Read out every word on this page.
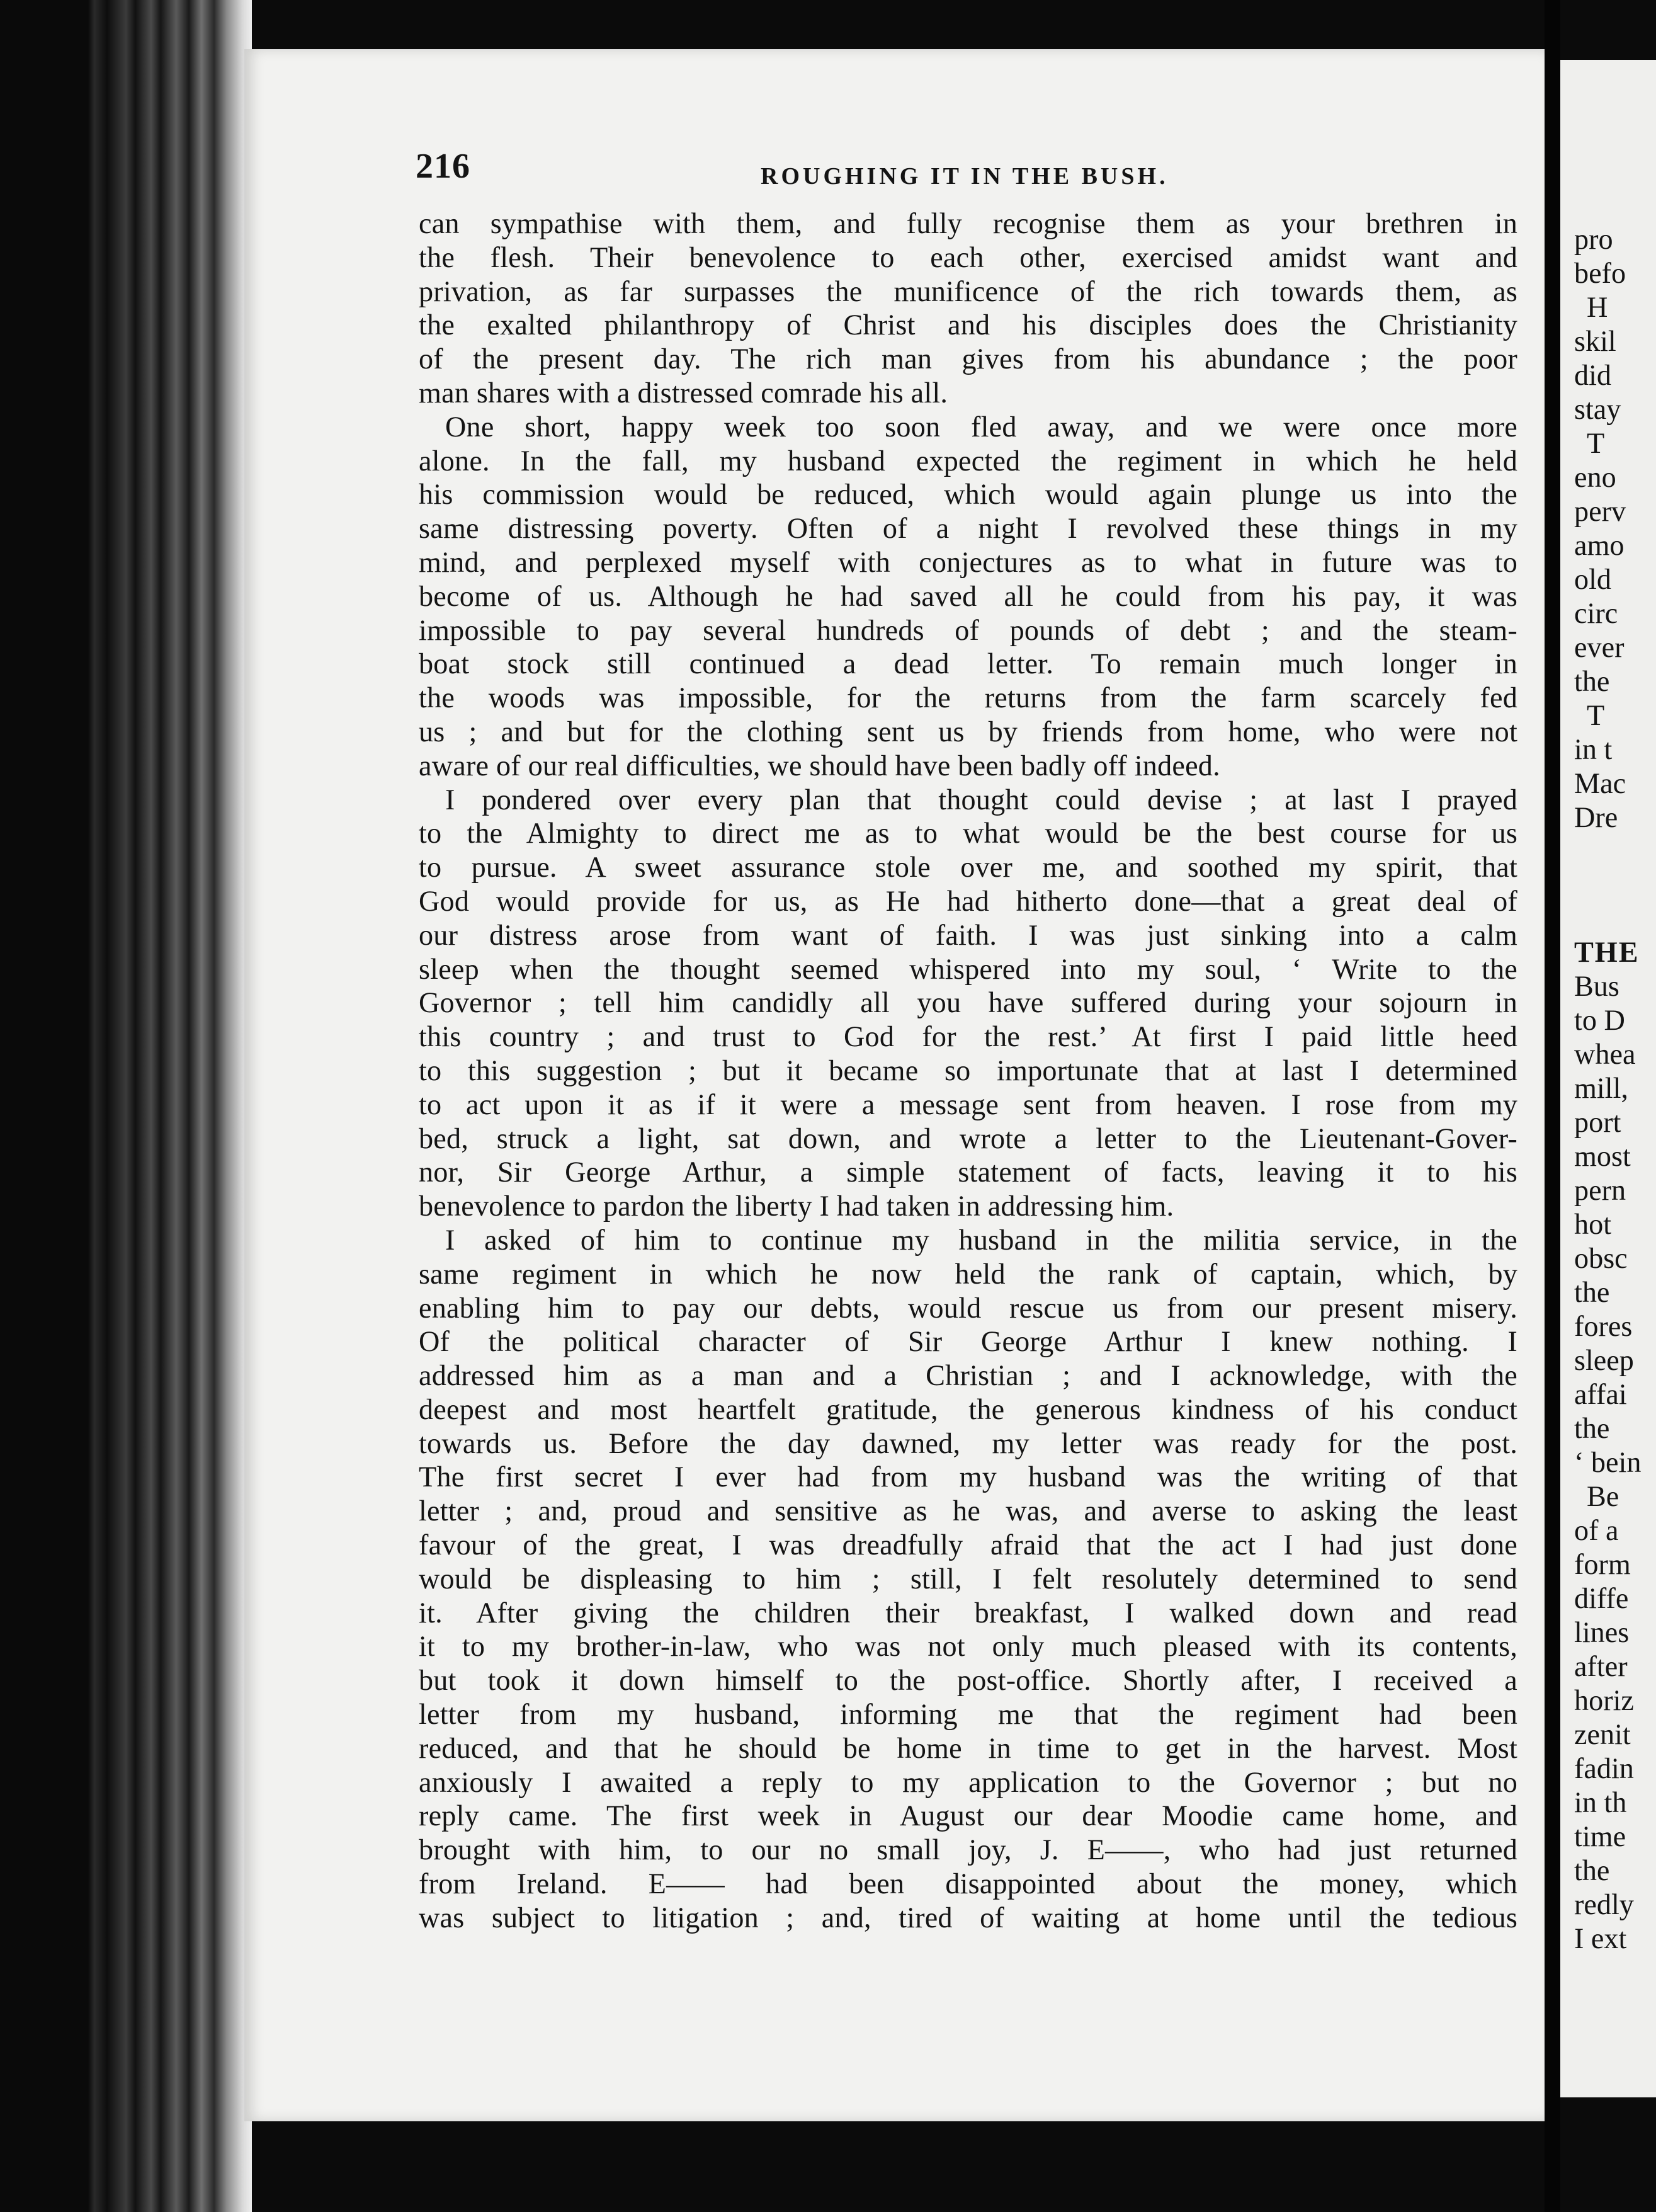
216	ROUGHING IT IN THE BUSH.

can sympathise with them, and fully recognise them as your brethren in

the flesh. Their benevolence to each other, exercised amidst want and

privation, as far surpasses the munificence of the rich towards them, as

the exalted philanthropy of Christ and his disciples does the Christianity

of the present day. The rich man gives from his abundance ; the poor

man shares with a distressed comrade his all.

One short, happy week too soon fled away, and we were once more

alone. In the fall, my husband expected the regiment in which he held

his commission would be reduced, which would again plunge us into the

same distressing poverty. Often of a night I revolved these things in my

mind, and perplexed myself with conjectures as to what in future was to

become of us. Although he had saved all he could from his pay, it was

impossible to pay several hundreds of pounds of debt ; and the steam-

boat stock still continued a dead letter. To remain much longer in

the woods was impossible, for the returns from the farm scarcely fed

us ; and but for the clothing sent us by friends from home, who were not

aware of our real difficulties, we should have been badly off indeed.

I pondered over every plan that thought could devise ; at last I prayed

to the Almighty to direct me as to what would be the best course for us

to pursue. A sweet assurance stole over me, and soothed my spirit, that

God would provide for us, as He had hitherto done—that a great deal of

our distress arose from want of faith. I was just sinking into a calm

sleep when the thought seemed whispered into my soul, ‘ Write to the

Governor ; tell him candidly all you have suffered during your sojourn in

this country ; and trust to God for the rest.’ At first I paid little heed

to this suggestion ; but it became so importunate that at last I determined

to act upon it as if it were a message sent from heaven. I rose from my

bed, struck a light, sat down, and wrote a letter to the Lieutenant-Gover-

nor, Sir George Arthur, a simple statement of facts, leaving it to his

benevolence to pardon the liberty I had taken in addressing him.

I asked of him to continue my husband in the militia service, in the

same regiment in which he now held the rank of captain, which, by

enabling him to pay our debts, would rescue us from our present misery.

Of the political character of Sir George Arthur I knew nothing. I

addressed him as a man and a Christian ; and I acknowledge, with the

deepest and most heartfelt gratitude, the generous kindness of his conduct

towards us. Before the day dawned, my letter was ready for the post.

The first secret I ever had from my husband was the writing of that

letter ; and, proud and sensitive as he was, and averse to asking the least

favour of the great, I was dreadfully afraid that the act I had just done

would be displeasing to him ; still, I felt resolutely determined to send

it. After giving the children their breakfast, I walked down and read

it to my brother-in-law, who was not only much pleased with its contents,

but took it down himself to the post-office. Shortly after, I received a

letter from my husband, informing me that the regiment had been

reduced, and that he should be home in time to get in the harvest. Most

anxiously I awaited a reply to my application to the Governor ; but no

reply came. The first week in August our dear Moodie came home, and

brought with him, to our no small joy, J. E——, who had just returned

from Ireland. E—— had been disappointed about the money, which

was subject to litigation ; and, tired of waiting at home until the tedious

pro
befo
H
skil
did
stay
T
eno
perv
amo
old
circ
ever
the
T
in t
Mac
Dre
THE
Bus
to D
whea
mill,
port
most
pern
hot
obsc
the
fores
sleep
affai
the
‘ bein
Be
of a
form
diffe
lines
after
horiz
zenit
fadin
in th
time
the
redly
I ext
